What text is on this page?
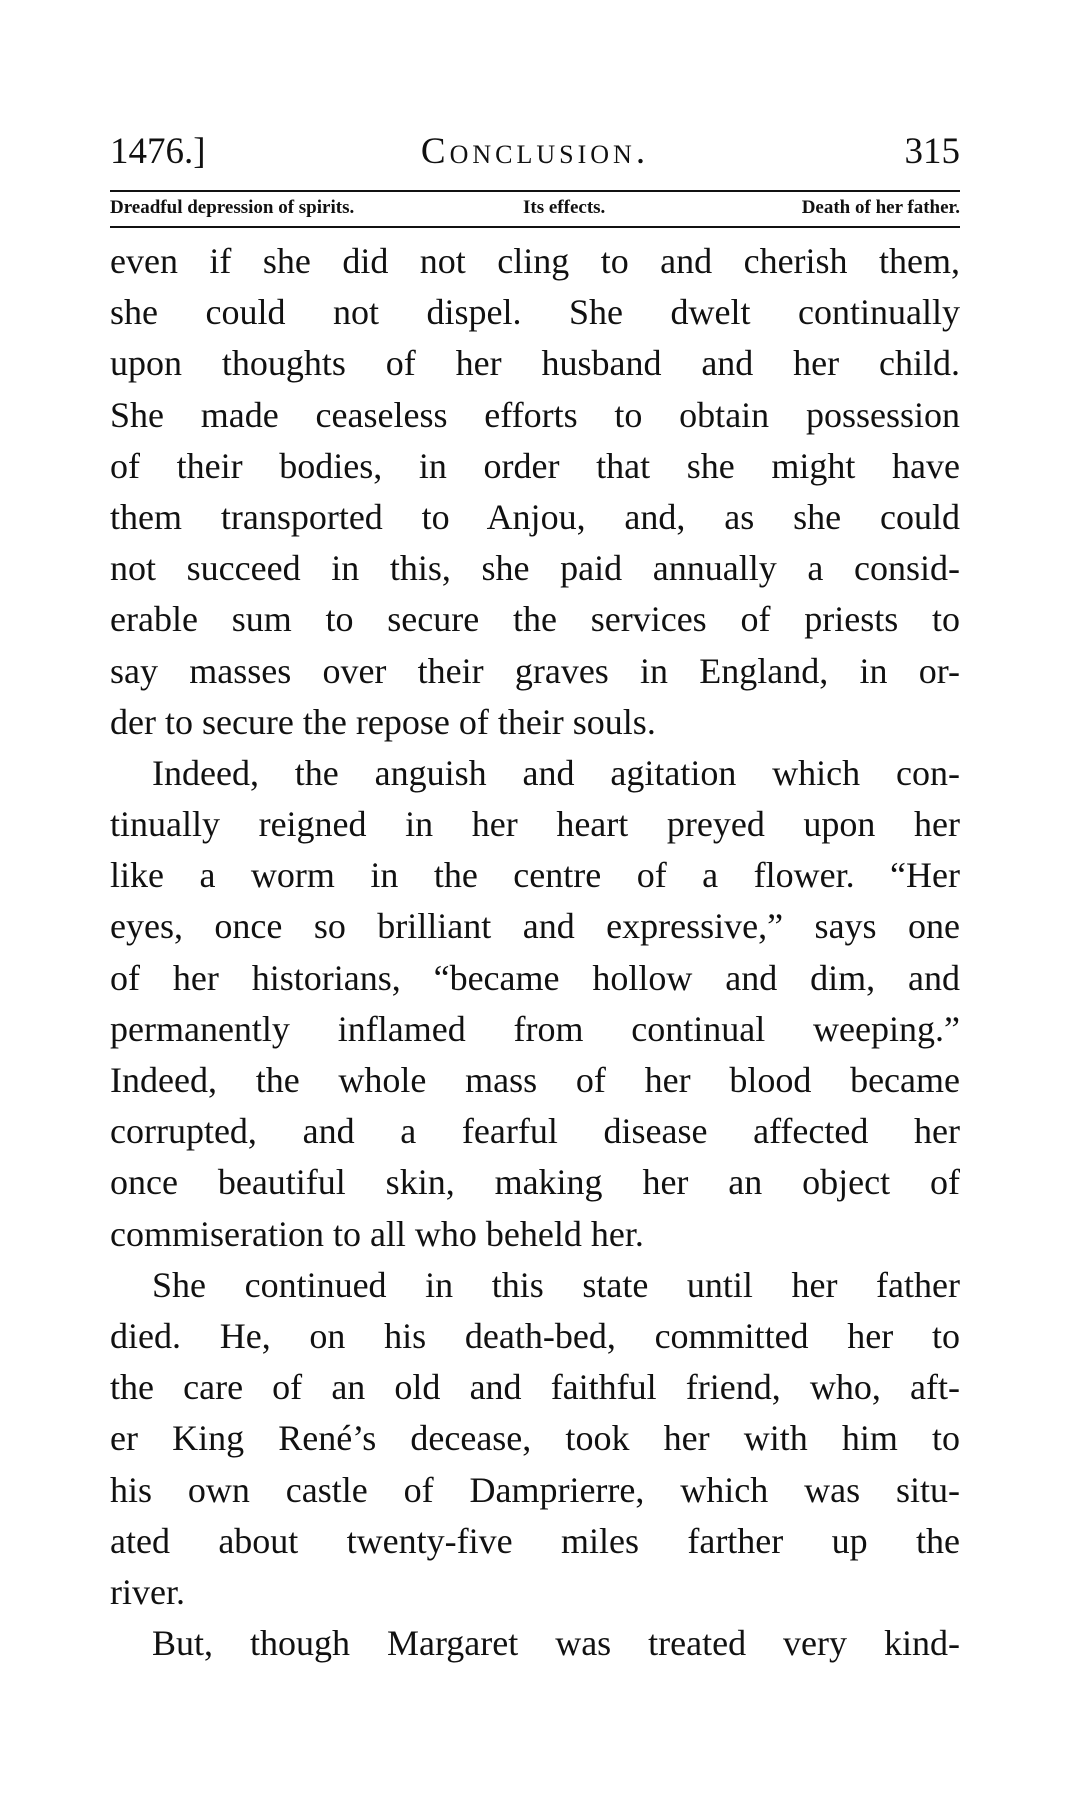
1476.]	Conclusion.	315
Dreadful depression of spirits.	Its effects.	Death of her father.
even if she did not cling to and cherish them,
she could not dispel. She dwelt continually
upon thoughts of her husband and her child.
She made ceaseless efforts to obtain possession
of their bodies, in order that she might have
them transported to Anjou, and, as she could
not succeed in this, she paid annually a consid-
erable sum to secure the services of priests to
say masses over their graves in England, in or-
der to secure the repose of their souls.
Indeed, the anguish and agitation which con-
tinually reigned in her heart preyed upon her
like a worm in the centre of a flower. “Her
eyes, once so brilliant and expressive,” says one
of her historians, “became hollow and dim, and
permanently inflamed from continual weeping.”
Indeed, the whole mass of her blood became
corrupted, and a fearful disease affected her
once beautiful skin, making her an object of
commiseration to all who beheld her.
She continued in this state until her father
died. He, on his death-bed, committed her to
the care of an old and faithful friend, who, aft-
er King René’s decease, took her with him to
his own castle of Damprierre, which was situ-
ated about twenty-five miles farther up the
river.
But, though Margaret was treated very kind-
